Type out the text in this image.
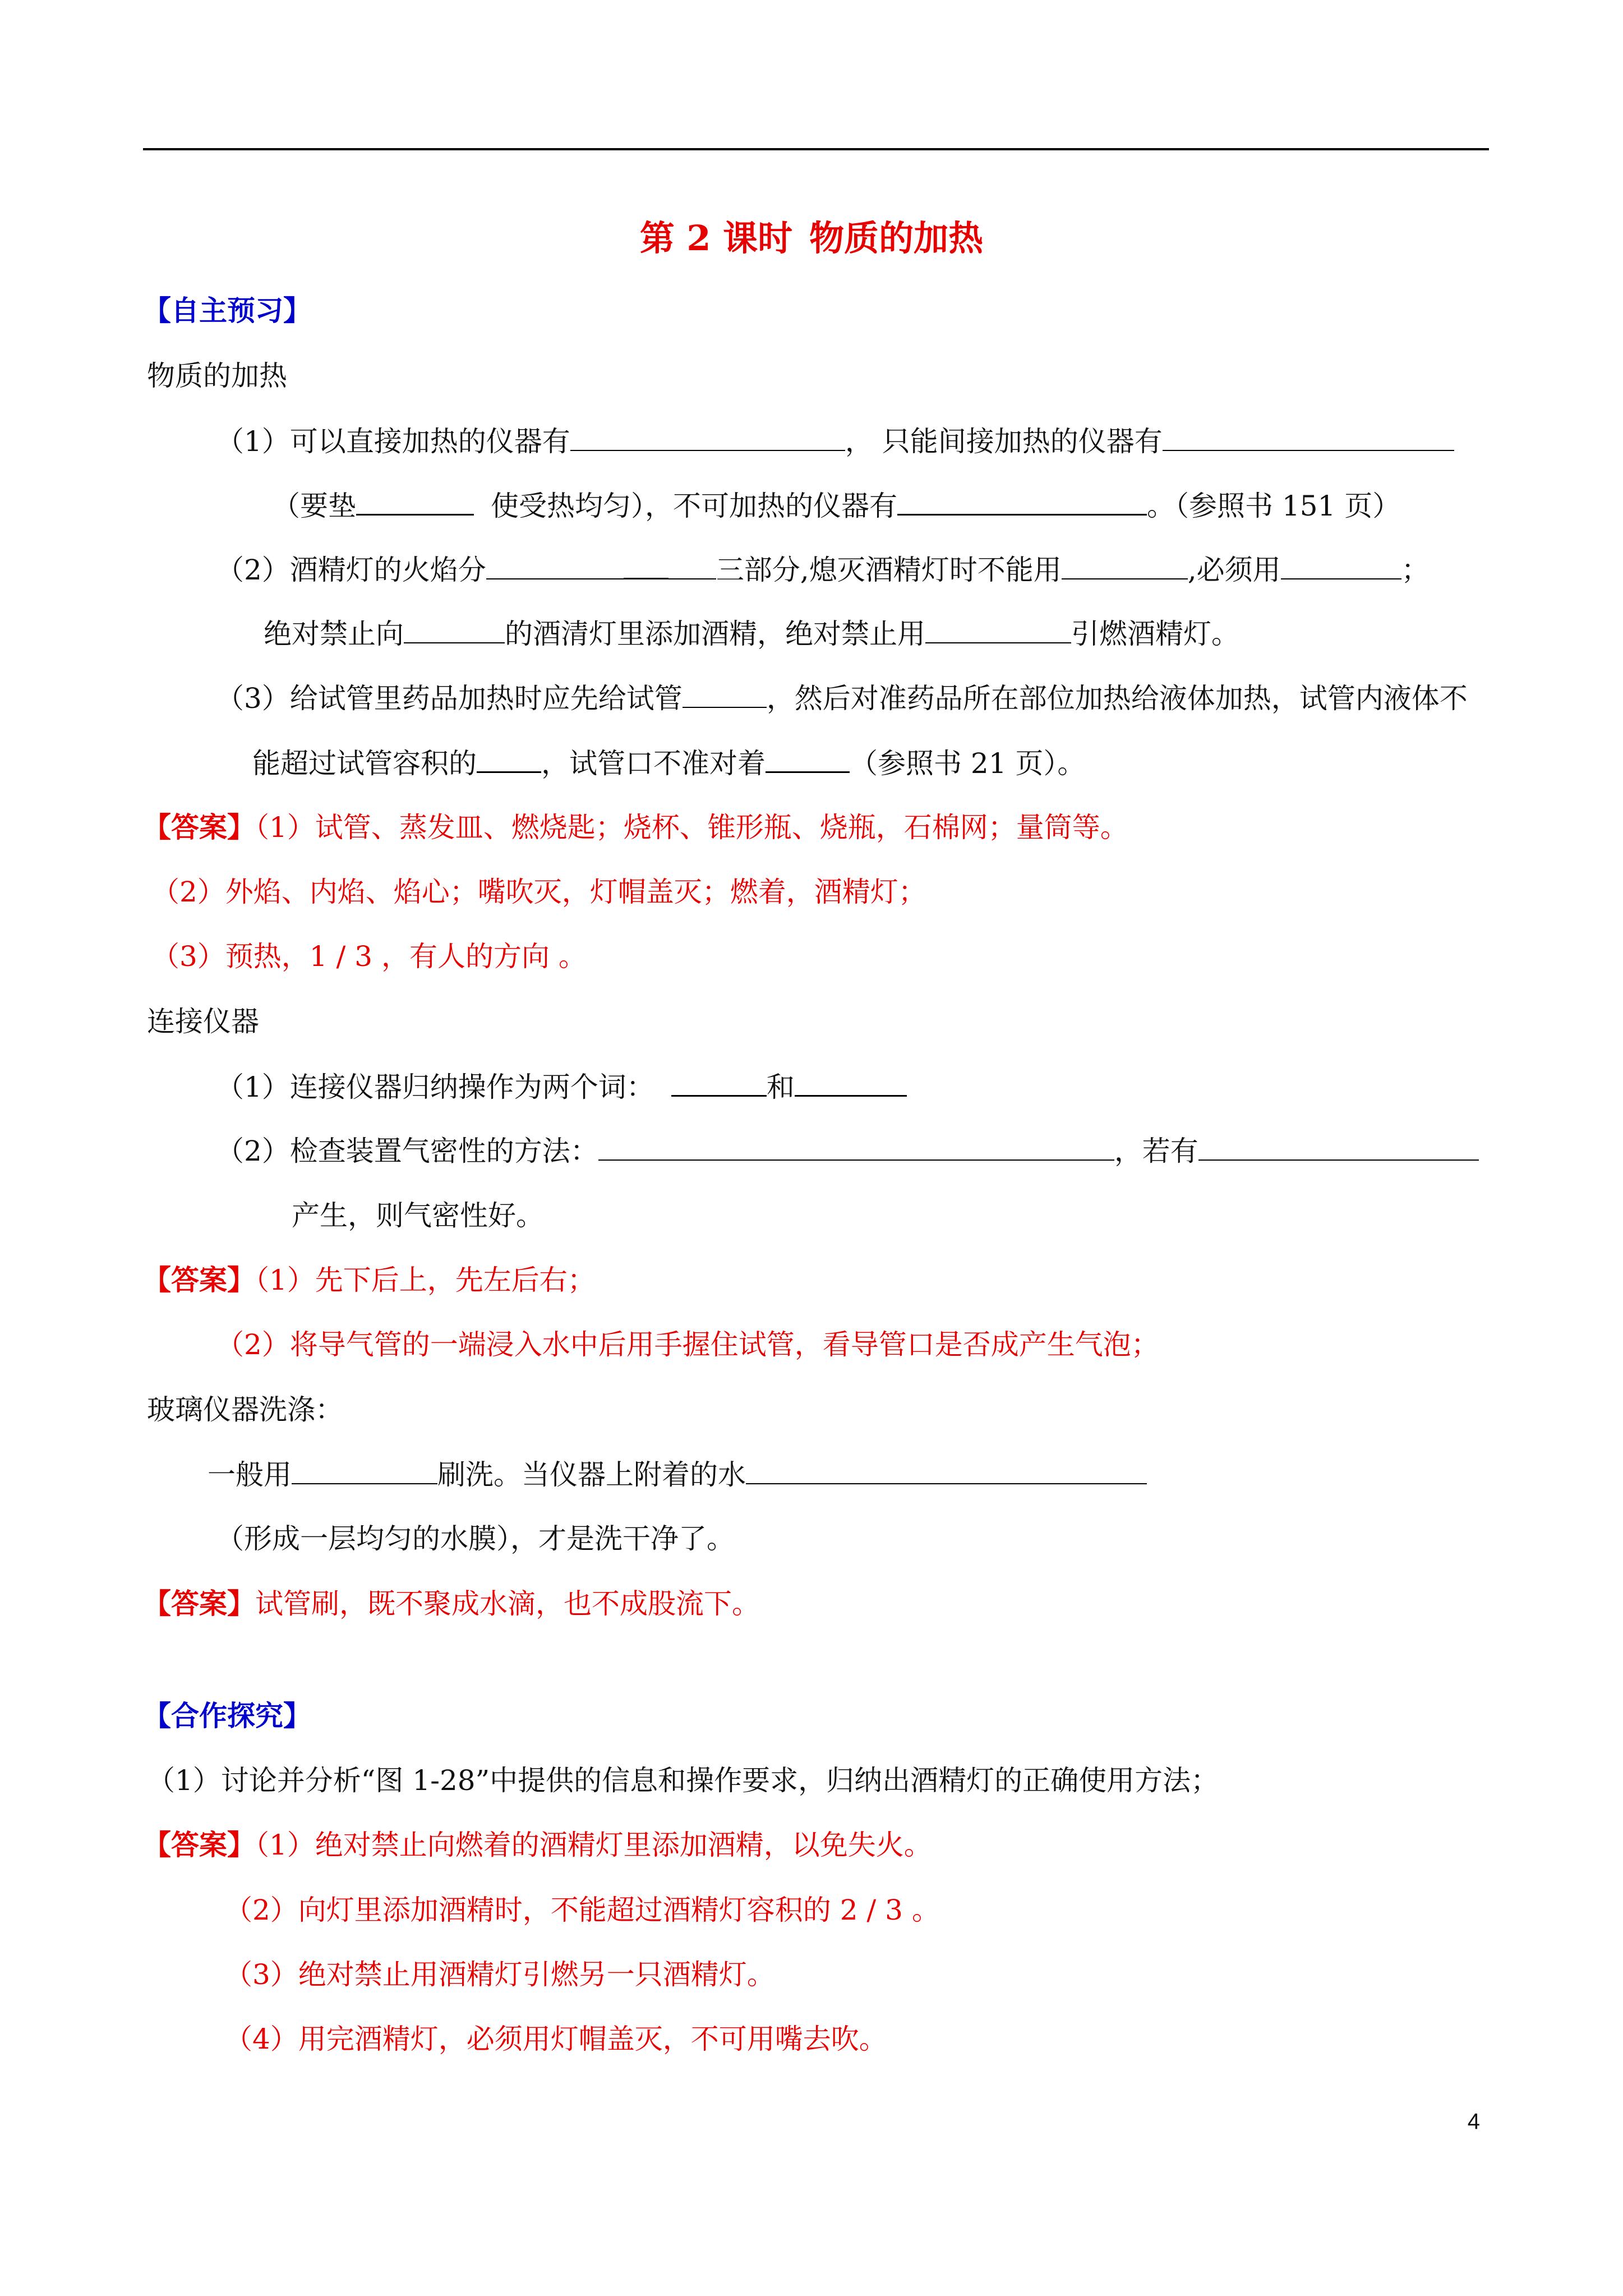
第 2 课时 物质的加热
【自主预习】
物质的加热
（1）可以直接加热的仪器有	， 只能间接加热的仪器有
（要垫	使受热均匀），不可加热的仪器有	。（参照书 151 页）
（2）酒精灯的火焰分	三部分,熄灭酒精灯时不能用	,必须用	；
绝对禁止向	的酒清灯里添加酒精，绝对禁止用	引燃酒精灯。
（3）给试管里药品加热时应先给试管	，然后对准药品所在部位加热给液体加热，试管内液体不
能超过试管容积的 ，试管口不准对着	（参照书 21 页）。
【答案】（1）试管、蒸发皿、燃烧匙；烧杯、锥形瓶、烧瓶，石棉网；量筒等。
（2）外焰、内焰、焰心；嘴吹灭，灯帽盖灭；燃着，酒精灯；
（3）预热，1 / 3 ，有人的方向 。
连接仪器
（1）连接仪器归纳操作为两个词：	和
（2）检查装置气密性的方法：	，若有
产生，则气密性好。
【答案】（1）先下后上，先左后右；
（2）将导气管的一端浸入水中后用手握住试管，看导管口是否成产生气泡；
玻璃仪器洗涤：
一般用	刷洗。当仪器上附着的水
（形成一层均匀的水膜），才是洗干净了。
【答案】试管刷，既不聚成水滴，也不成股流下。
【合作探究】
（1）讨论并分析“图 1-28”中提供的信息和操作要求，归纳出酒精灯的正确使用方法；
【答案】（1）绝对禁止向燃着的酒精灯里添加酒精，以免失火。
（2）向灯里添加酒精时，不能超过酒精灯容积的 2 / 3 。
（3）绝对禁止用酒精灯引燃另一只酒精灯。
（4）用完酒精灯，必须用灯帽盖灭，不可用嘴去吹。
4
